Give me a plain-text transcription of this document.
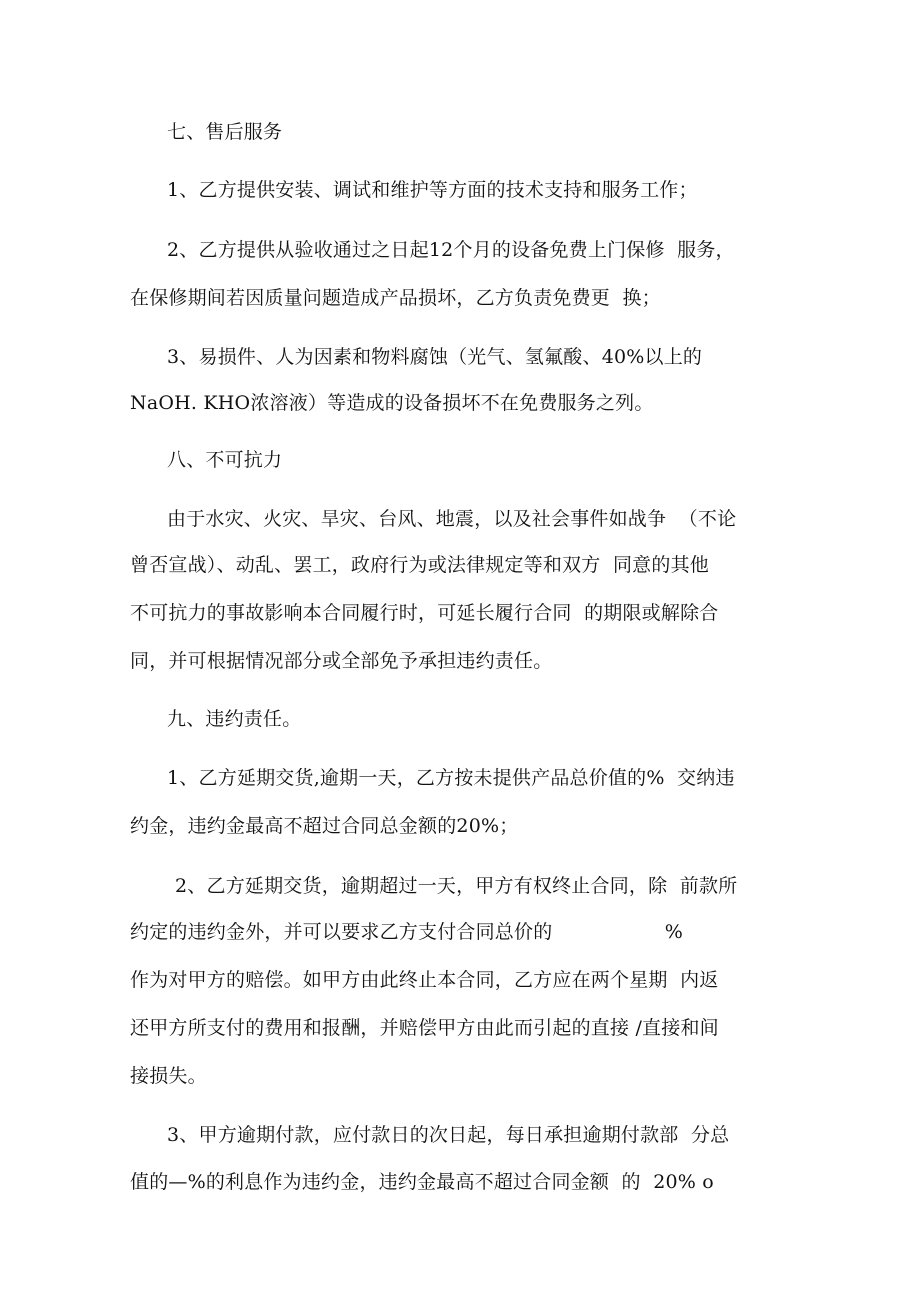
七、售后服务
1、乙方提供安装、调试和维护等方面的技术支持和服务工作；
2、乙方提供从验收通过之日起12个月的设备免费上门保修  服务，
在保修期间若因质量问题造成产品损坏，乙方负责免费更  换；
3、易损件、人为因素和物料腐蚀（光气、氢氟酸、40%以上的
NaOH. KHO浓溶液）等造成的设备损坏不在免费服务之列。
八、不可抗力
由于水灾、火灾、旱灾、台风、地震，以及社会事件如战争  （不论
曾否宣战）、动乱、罢工，政府行为或法律规定等和双方  同意的其他
不可抗力的事故影响本合同履行时，可延长履行合同  的期限或解除合
同，并可根据情况部分或全部免予承担违约责任。
九、违约责任。
1、乙方延期交货,逾期一天，乙方按未提供产品总价值的%  交纳违
约金，违约金最高不超过合同总金额的20%；
2、乙方延期交货，逾期超过一天，甲方有权终止合同，除  前款所
约定的违约金外，并可以要求乙方支付合同总价的                  %
作为对甲方的赔偿。如甲方由此终止本合同，乙方应在两个星期  内返
还甲方所支付的费用和报酬，并赔偿甲方由此而引起的直接 /直接和间
接损失。
3、甲方逾期付款，应付款日的次日起，每日承担逾期付款部  分总
值的—%的利息作为违约金，违约金最高不超过合同金额  的  20% o
